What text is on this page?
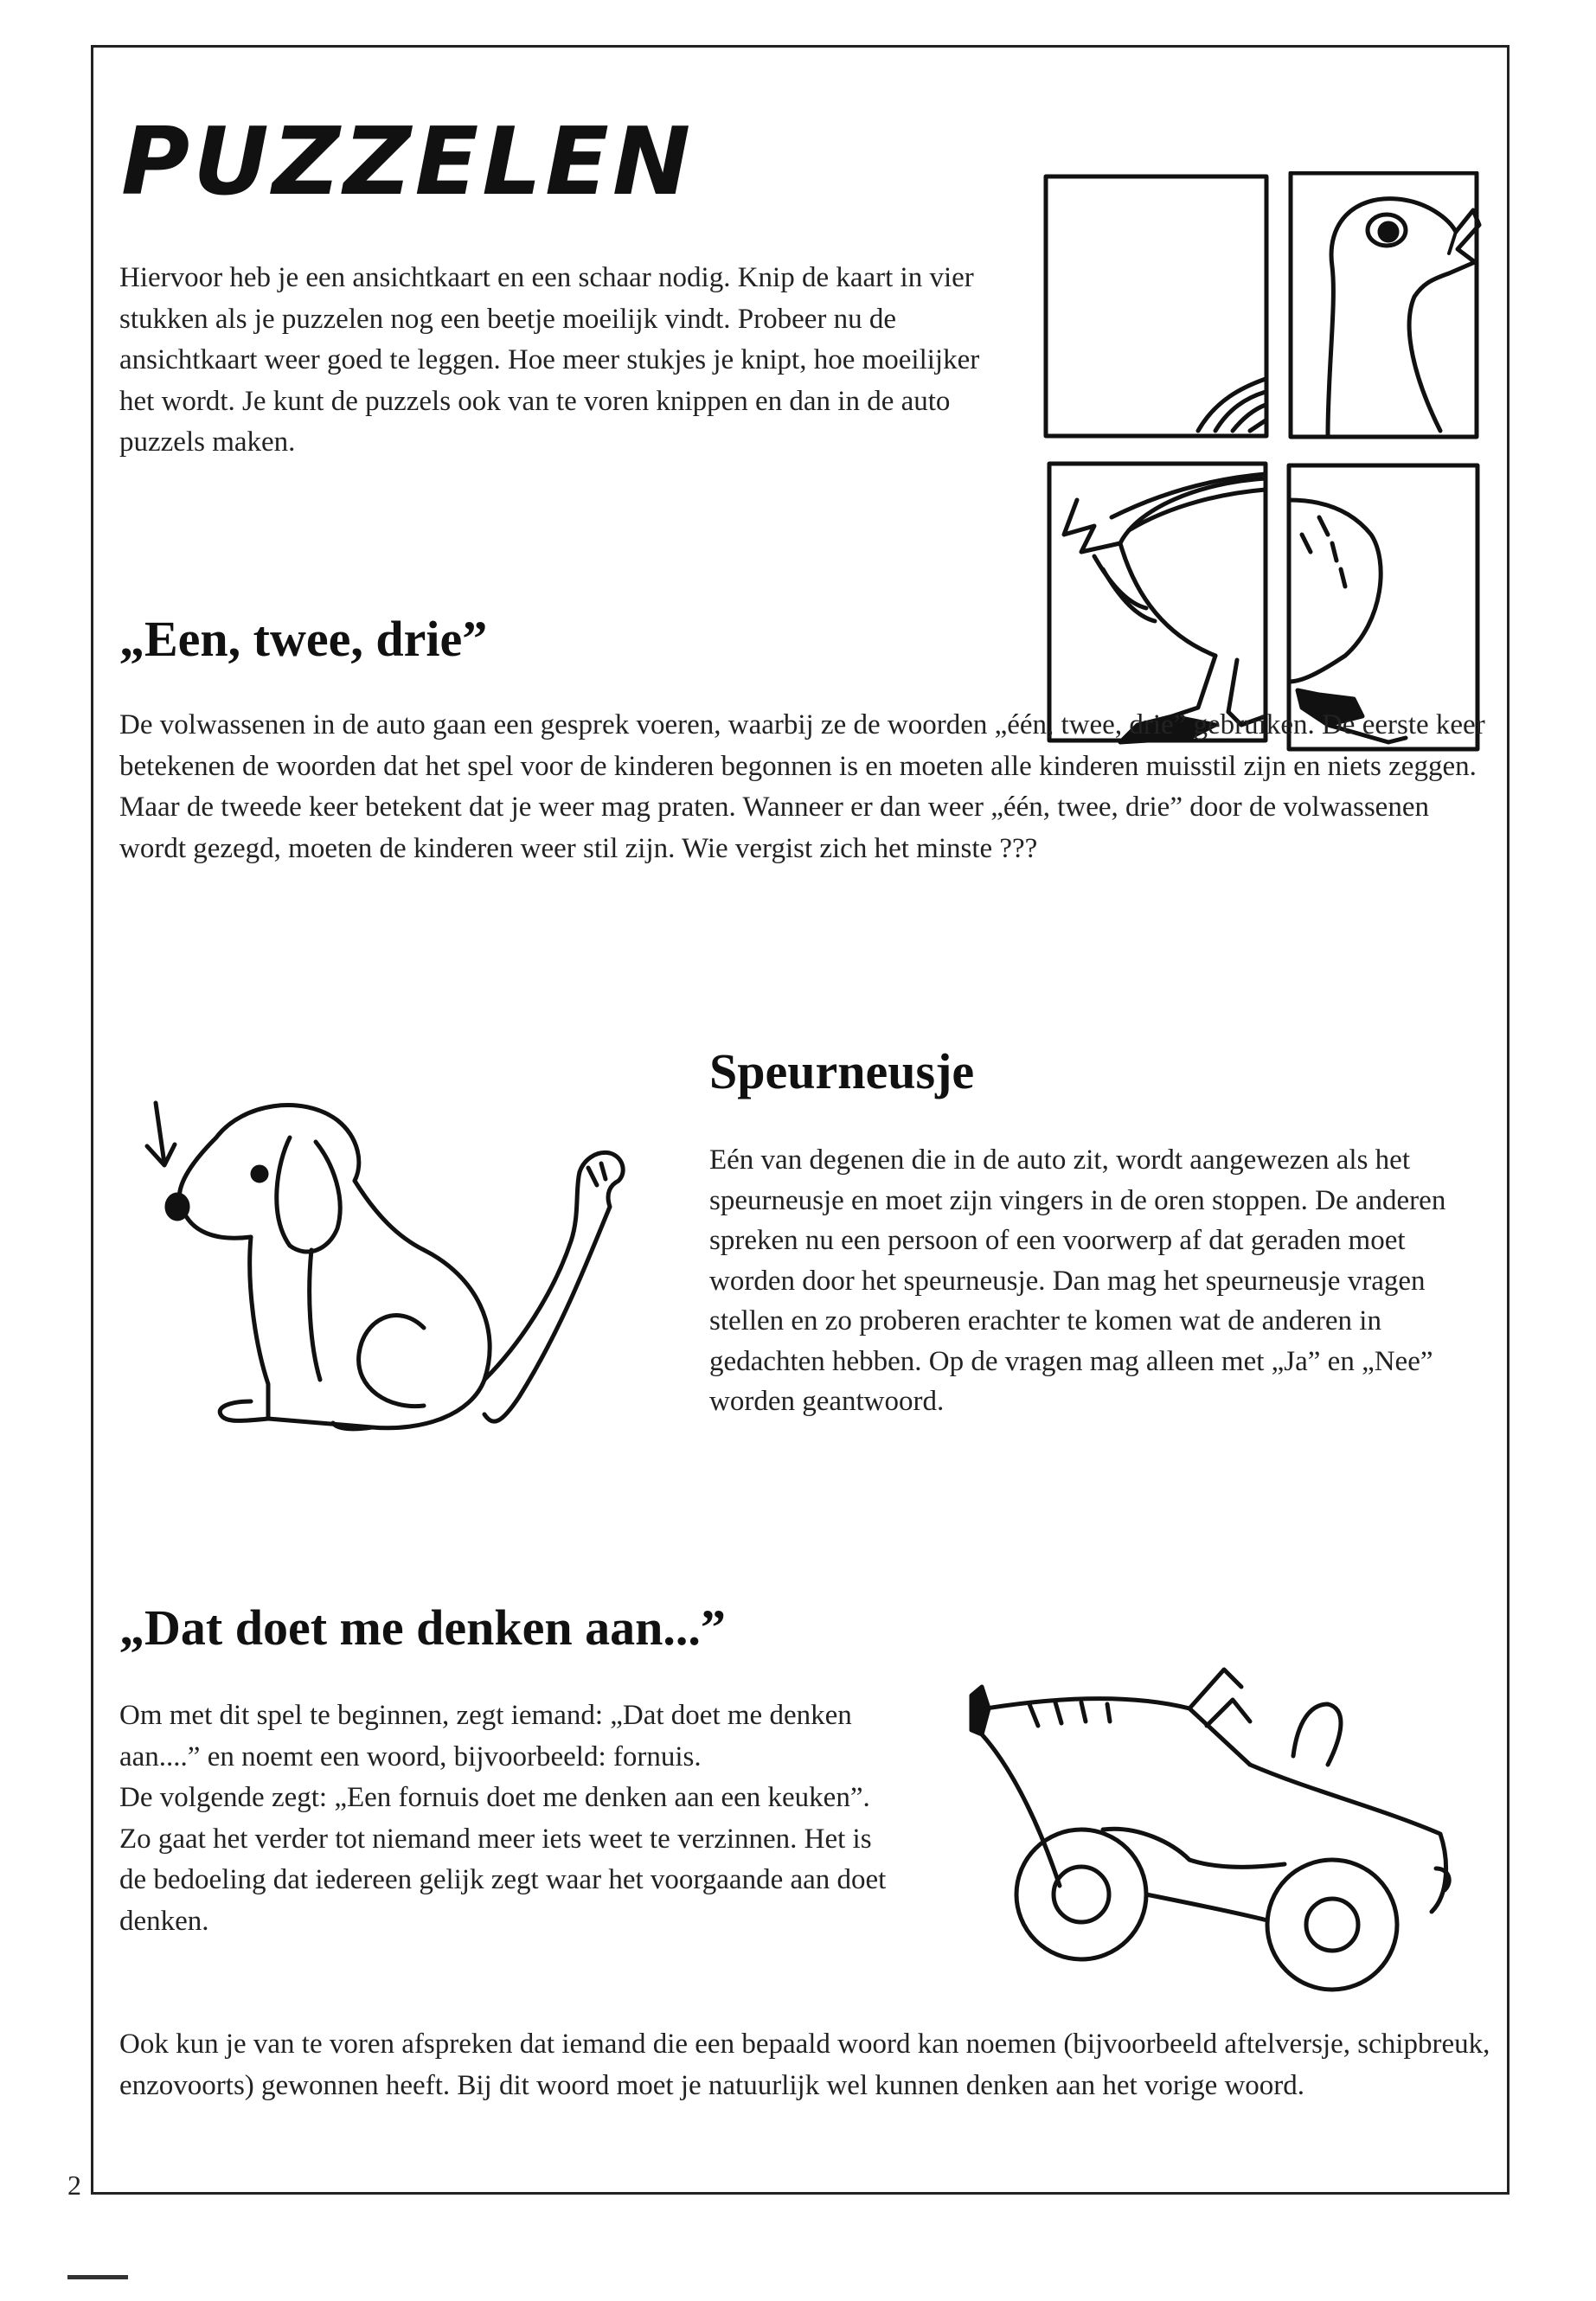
PUZZELEN

Hiervoor heb je een ansichtkaart en een schaar nodig. Knip de kaart in vier stukken als je puzzelen nog een beetje moeilijk vindt. Probeer nu de ansichtkaart weer goed te leggen. Hoe meer stukjes je knipt, hoe moeilijker het wordt. Je kunt de puzzels ook van te voren knippen en dan in de auto puzzels maken.

„Een, twee, drie”

De volwassenen in de auto gaan een gesprek voeren, waarbij ze de woorden „één, twee, drie” gebruiken. De eerste keer betekenen de woorden dat het spel voor de kinderen begonnen is en moeten alle kinderen muisstil zijn en niets zeggen. Maar de tweede keer betekent dat je weer mag praten. Wanneer er dan weer „één, twee, drie” door de volwassenen wordt gezegd, moeten de kinderen weer stil zijn. Wie vergist zich het minste ???

Speurneusje

Eén van degenen die in de auto zit, wordt aangewezen als het speurneusje en moet zijn vingers in de oren stoppen. De anderen spreken nu een persoon of een voorwerp af dat geraden moet worden door het speurneusje. Dan mag het speurneusje vragen stellen en zo proberen erachter te komen wat de anderen in gedachten hebben. Op de vragen mag alleen met „Ja” en „Nee” worden geantwoord.

„Dat doet me denken aan...”

Om met dit spel te beginnen, zegt iemand: „Dat doet me denken aan....” en noemt een woord, bijvoorbeeld: fornuis.

De volgende zegt: „Een fornuis doet me denken aan een keuken”.

Zo gaat het verder tot niemand meer iets weet te verzinnen. Het is de bedoeling dat iedereen gelijk zegt waar het voorgaande aan doet denken.

Ook kun je van te voren afspreken dat iemand die een bepaald woord kan noemen (bijvoorbeeld aftelversje, schipbreuk, enzovoorts) gewonnen heeft. Bij dit woord moet je natuurlijk wel kunnen denken aan het vorige woord.

2
